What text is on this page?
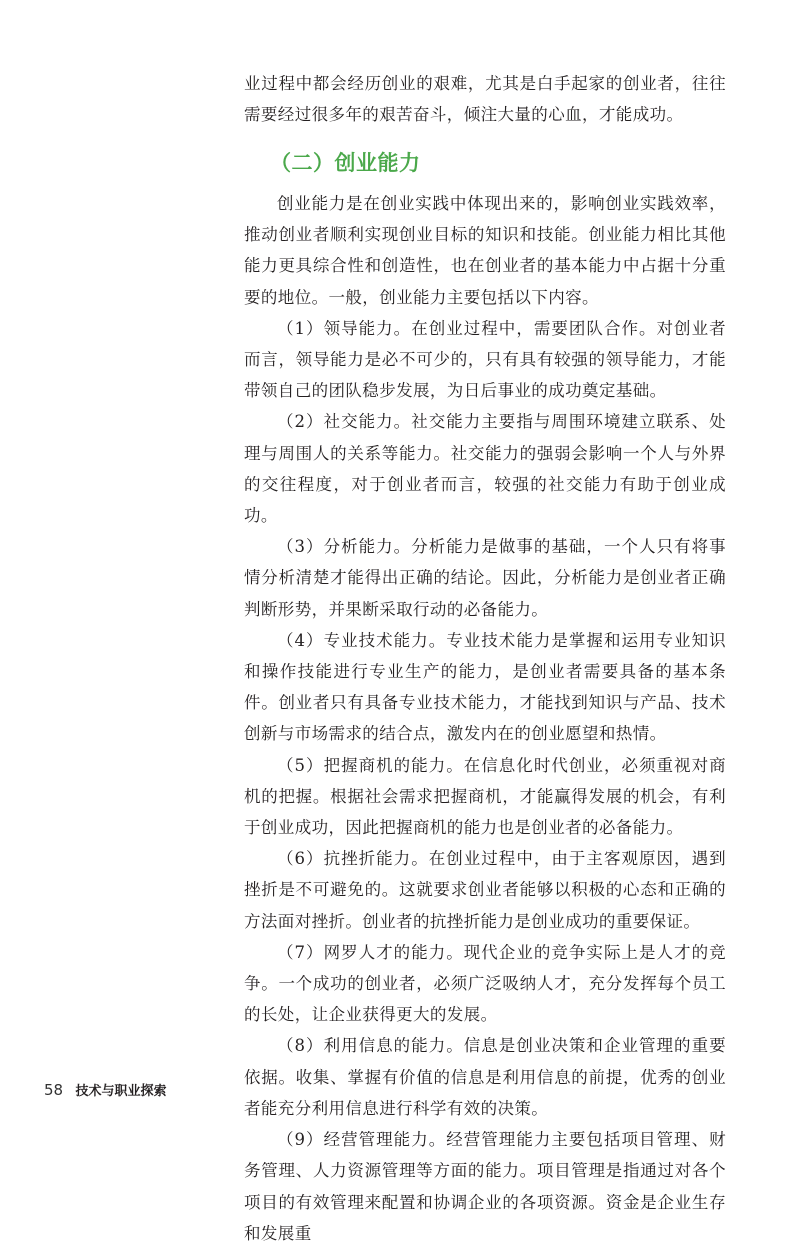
业过程中都会经历创业的艰难，尤其是白手起家的创业者，往往需要经过很多年的艰苦奋斗，倾注大量的心血，才能成功。

（二）创业能力

创业能力是在创业实践中体现出来的，影响创业实践效率，推动创业者顺利实现创业目标的知识和技能。创业能力相比其他能力更具综合性和创造性，也在创业者的基本能力中占据十分重要的地位。一般，创业能力主要包括以下内容。

（1）领导能力。在创业过程中，需要团队合作。对创业者而言，领导能力是必不可少的，只有具有较强的领导能力，才能带领自己的团队稳步发展，为日后事业的成功奠定基础。

（2）社交能力。社交能力主要指与周围环境建立联系、处理与周围人的关系等能力。社交能力的强弱会影响一个人与外界的交往程度，对于创业者而言，较强的社交能力有助于创业成功。

（3）分析能力。分析能力是做事的基础，一个人只有将事情分析清楚才能得出正确的结论。因此，分析能力是创业者正确判断形势，并果断采取行动的必备能力。

（4）专业技术能力。专业技术能力是掌握和运用专业知识和操作技能进行专业生产的能力，是创业者需要具备的基本条件。创业者只有具备专业技术能力，才能找到知识与产品、技术创新与市场需求的结合点，激发内在的创业愿望和热情。

（5）把握商机的能力。在信息化时代创业，必须重视对商机的把握。根据社会需求把握商机，才能赢得发展的机会，有利于创业成功，因此把握商机的能力也是创业者的必备能力。

（6）抗挫折能力。在创业过程中，由于主客观原因，遇到挫折是不可避免的。这就要求创业者能够以积极的心态和正确的方法面对挫折。创业者的抗挫折能力是创业成功的重要保证。

（7）网罗人才的能力。现代企业的竞争实际上是人才的竞争。一个成功的创业者，必须广泛吸纳人才，充分发挥每个员工的长处，让企业获得更大的发展。

（8）利用信息的能力。信息是创业决策和企业管理的重要依据。收集、掌握有价值的信息是利用信息的前提，优秀的创业者能充分利用信息进行科学有效的决策。

（9）经营管理能力。经营管理能力主要包括项目管理、财务管理、人力资源管理等方面的能力。项目管理是指通过对各个项目的有效管理来配置和协调企业的各项资源。资金是企业生存和发展重

58 技术与职业探索
